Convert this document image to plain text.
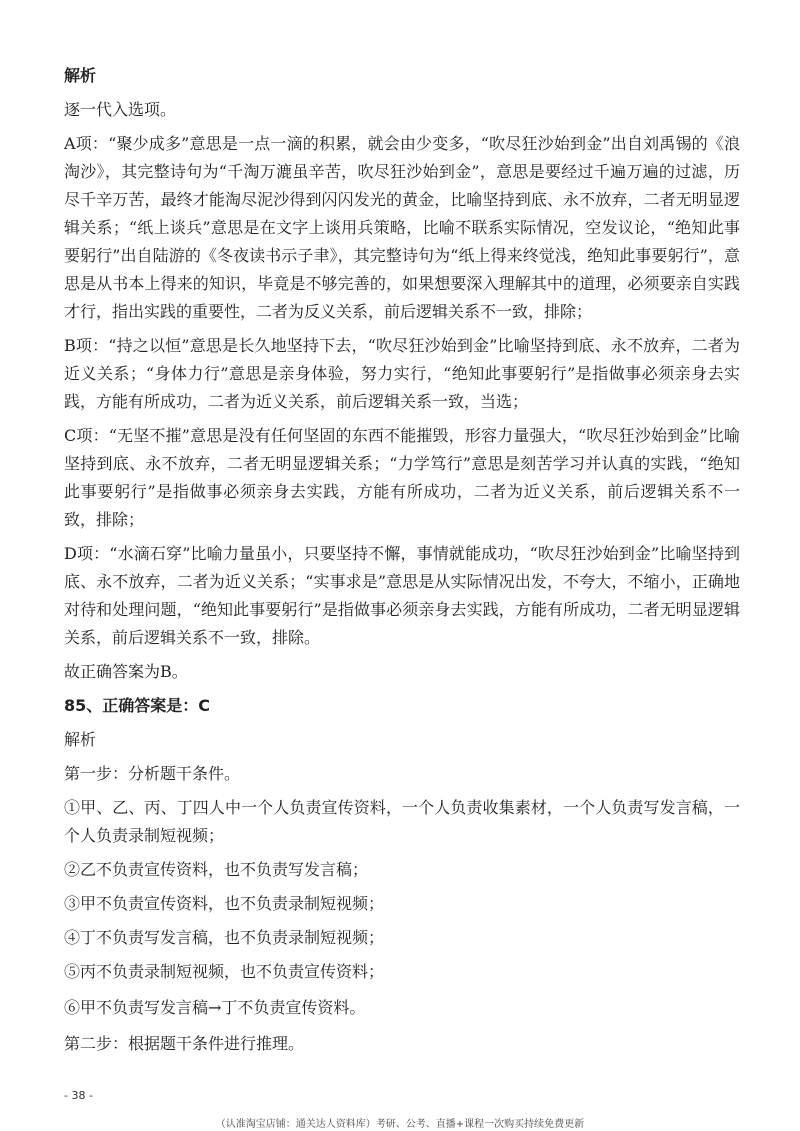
解析
逐一代入选项。
A项：“聚少成多”意思是一点一滴的积累，就会由少变多，“吹尽狂沙始到金”出自刘禹锡的《浪淘沙》，其完整诗句为“千淘万漉虽辛苦，吹尽狂沙始到金”，意思是要经过千遍万遍的过滤，历尽千辛万苦，最终才能淘尽泥沙得到闪闪发光的黄金，比喻坚持到底、永不放弃，二者无明显逻辑关系；“纸上谈兵”意思是在文字上谈用兵策略，比喻不联系实际情况，空发议论，“绝知此事要躬行”出自陆游的《冬夜读书示子聿》，其完整诗句为“纸上得来终觉浅，绝知此事要躬行”，意思是从书本上得来的知识，毕竟是不够完善的，如果想要深入理解其中的道理，必须要亲自实践才行，指出实践的重要性，二者为反义关系，前后逻辑关系不一致，排除；
B项：“持之以恒”意思是长久地坚持下去，“吹尽狂沙始到金”比喻坚持到底、永不放弃，二者为近义关系；“身体力行”意思是亲身体验，努力实行，“绝知此事要躬行”是指做事必须亲身去实践，方能有所成功，二者为近义关系，前后逻辑关系一致，当选；
C项：“无坚不摧”意思是没有任何坚固的东西不能摧毁，形容力量强大，“吹尽狂沙始到金”比喻坚持到底、永不放弃，二者无明显逻辑关系；“力学笃行”意思是刻苦学习并认真的实践，“绝知此事要躬行”是指做事必须亲身去实践，方能有所成功，二者为近义关系，前后逻辑关系不一致，排除；
D项：“水滴石穿”比喻力量虽小，只要坚持不懈，事情就能成功，“吹尽狂沙始到金”比喻坚持到底、永不放弃，二者为近义关系；“实事求是”意思是从实际情况出发，不夸大，不缩小，正确地对待和处理问题，“绝知此事要躬行”是指做事必须亲身去实践，方能有所成功，二者无明显逻辑关系，前后逻辑关系不一致，排除。
故正确答案为B。
85、正确答案是：C
解析
第一步：分析题干条件。
①甲、乙、丙、丁四人中一个人负责宣传资料，一个人负责收集素材，一个人负责写发言稿，一个人负责录制短视频；
②乙不负责宣传资料，也不负责写发言稿；
③甲不负责宣传资料，也不负责录制短视频；
④丁不负责写发言稿，也不负责录制短视频；
⑤丙不负责录制短视频，也不负责宣传资料；
⑥甲不负责写发言稿→丁不负责宣传资料。
第二步：根据题干条件进行推理。
- 38 -
（认准淘宝店铺：通关达人资料库）考研、公考、直播+课程一次购买持续免费更新
